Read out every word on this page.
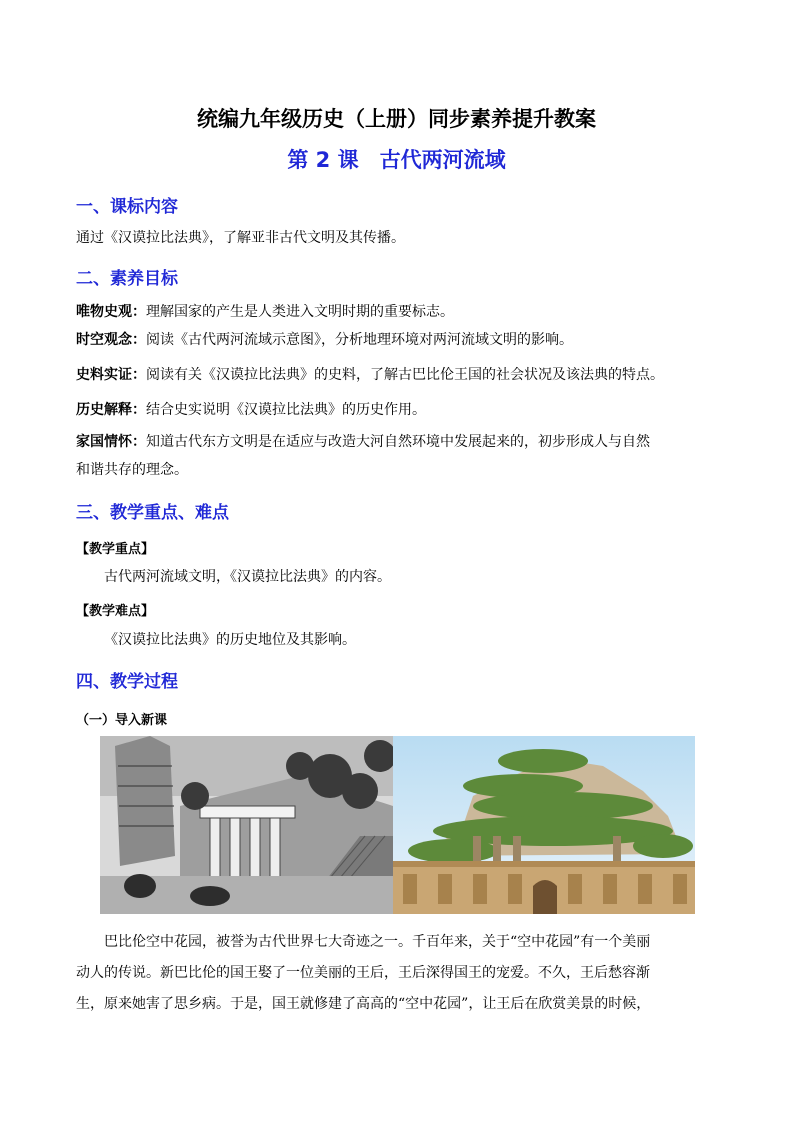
统编九年级历史（上册）同步素养提升教案
第 2 课　古代两河流域
一、课标内容
通过《汉谟拉比法典》，了解亚非古代文明及其传播。
二、素养目标
唯物史观：理解国家的产生是人类进入文明时期的重要标志。
时空观念：阅读《古代两河流域示意图》，分析地理环境对两河流域文明的影响。
史料实证：阅读有关《汉谟拉比法典》的史料，了解古巴比伦王国的社会状况及该法典的特点。
历史解释：结合史实说明《汉谟拉比法典》的历史作用。
家国情怀：知道古代东方文明是在适应与改造大河自然环境中发展起来的，初步形成人与自然
和谐共存的理念。
三、教学重点、难点
【教学重点】
古代两河流域文明，《汉谟拉比法典》的内容。
【教学难点】
《汉谟拉比法典》的历史地位及其影响。
四、教学过程
（一）导入新课
巴比伦空中花园，被誉为古代世界七大奇迹之一。千百年来，关于“空中花园”有一个美丽
动人的传说。新巴比伦的国王娶了一位美丽的王后，王后深得国王的宠爱。不久，王后愁容渐
生，原来她害了思乡病。于是，国王就修建了高高的“空中花园”，让王后在欣赏美景的时候，
